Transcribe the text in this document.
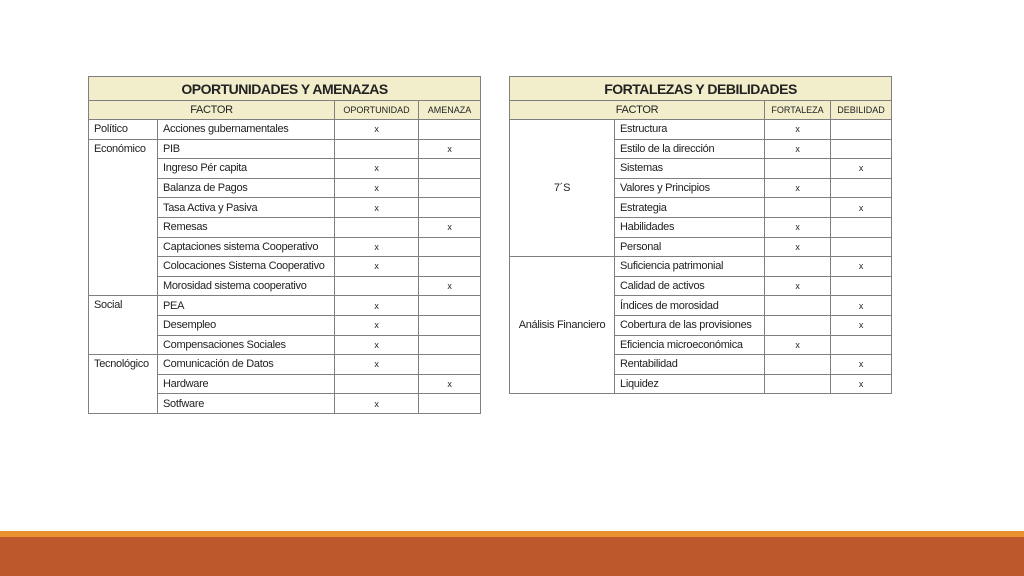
OPORTUNIDADES Y AMENAZAS			
FACTOR		OPORTUNIDAD	AMENAZA
Político	Acciones gubernamentales	x	
Económico	PIB		x
	Ingreso Pér capita	x	
	Balanza de Pagos	x	
	Tasa Activa y Pasiva	x	
	Remesas		x
	Captaciones sistema Cooperativo	x	
	Colocaciones Sistema Cooperativo	x	
	Morosidad sistema cooperativo		x
Social	PEA	x	
	Desempleo	x	
	Compensaciones Sociales	x	
Tecnológico	Comunicación de Datos	x	
	Hardware		x
	Sotfware	x	
FORTALEZAS Y DEBILIDADES			
FACTOR		FORTALEZA	DEBILIDAD
7´S	Estructura	x	
	Estilo de la dirección	x	
	Sistemas		x
	Valores y Principios	x	
	Estrategia		x
	Habilidades	x	
	Personal	x	
Análisis Financiero	Suficiencia patrimonial		x
	Calidad de activos	x	
	Índices de morosidad		x
	Cobertura de las provisiones		x
	Eficiencia microeconómica	x	
	Rentabilidad		x
	Liquidez		x
